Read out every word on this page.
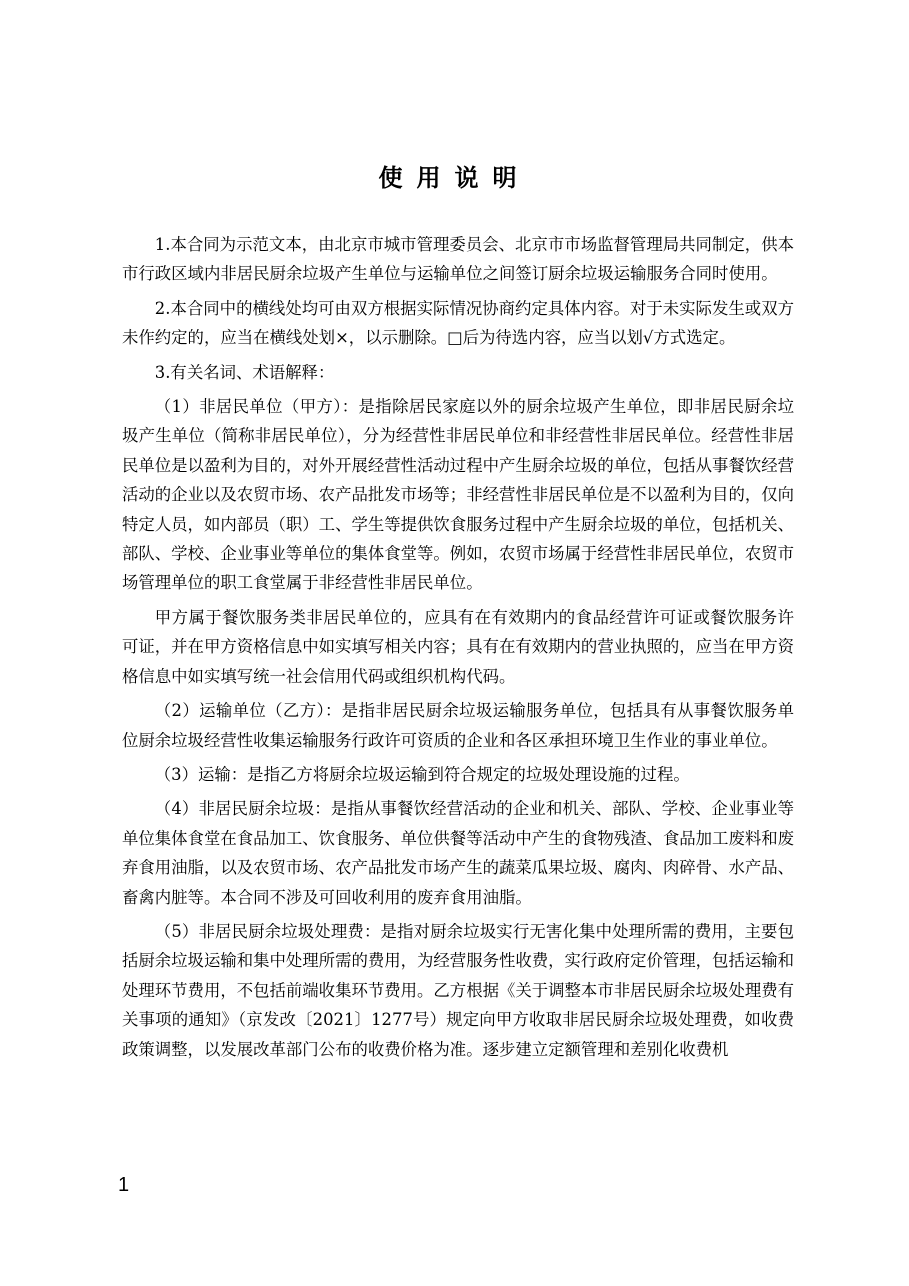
使用说明

1.本合同为示范文本，由北京市城市管理委员会、北京市市场监督管理局共同制定，供本市行政区域内非居民厨余垃圾产生单位与运输单位之间签订厨余垃圾运输服务合同时使用。

2.本合同中的横线处均可由双方根据实际情况协商约定具体内容。对于未实际发生或双方未作约定的，应当在横线处划×，以示删除。□后为待选内容，应当以划√方式选定。

3.有关名词、术语解释：

（1）非居民单位（甲方）：是指除居民家庭以外的厨余垃圾产生单位，即非居民厨余垃圾产生单位（简称非居民单位），分为经营性非居民单位和非经营性非居民单位。经营性非居民单位是以盈利为目的，对外开展经营性活动过程中产生厨余垃圾的单位，包括从事餐饮经营活动的企业以及农贸市场、农产品批发市场等；非经营性非居民单位是不以盈利为目的，仅向特定人员，如内部员（职）工、学生等提供饮食服务过程中产生厨余垃圾的单位，包括机关、部队、学校、企业事业等单位的集体食堂等。例如，农贸市场属于经营性非居民单位，农贸市场管理单位的职工食堂属于非经营性非居民单位。

甲方属于餐饮服务类非居民单位的，应具有在有效期内的食品经营许可证或餐饮服务许可证，并在甲方资格信息中如实填写相关内容；具有在有效期内的营业执照的，应当在甲方资格信息中如实填写统一社会信用代码或组织机构代码。

（2）运输单位（乙方）：是指非居民厨余垃圾运输服务单位，包括具有从事餐饮服务单位厨余垃圾经营性收集运输服务行政许可资质的企业和各区承担环境卫生作业的事业单位。

（3）运输：是指乙方将厨余垃圾运输到符合规定的垃圾处理设施的过程。

（4）非居民厨余垃圾：是指从事餐饮经营活动的企业和机关、部队、学校、企业事业等单位集体食堂在食品加工、饮食服务、单位供餐等活动中产生的食物残渣、食品加工废料和废弃食用油脂，以及农贸市场、农产品批发市场产生的蔬菜瓜果垃圾、腐肉、肉碎骨、水产品、畜禽内脏等。本合同不涉及可回收利用的废弃食用油脂。

（5）非居民厨余垃圾处理费：是指对厨余垃圾实行无害化集中处理所需的费用，主要包括厨余垃圾运输和集中处理所需的费用，为经营服务性收费，实行政府定价管理，包括运输和处理环节费用，不包括前端收集环节费用。乙方根据《关于调整本市非居民厨余垃圾处理费有关事项的通知》（京发改〔2021〕1277号）规定向甲方收取非居民厨余垃圾处理费，如收费政策调整，以发展改革部门公布的收费价格为准。逐步建立定额管理和差别化收费机

1
